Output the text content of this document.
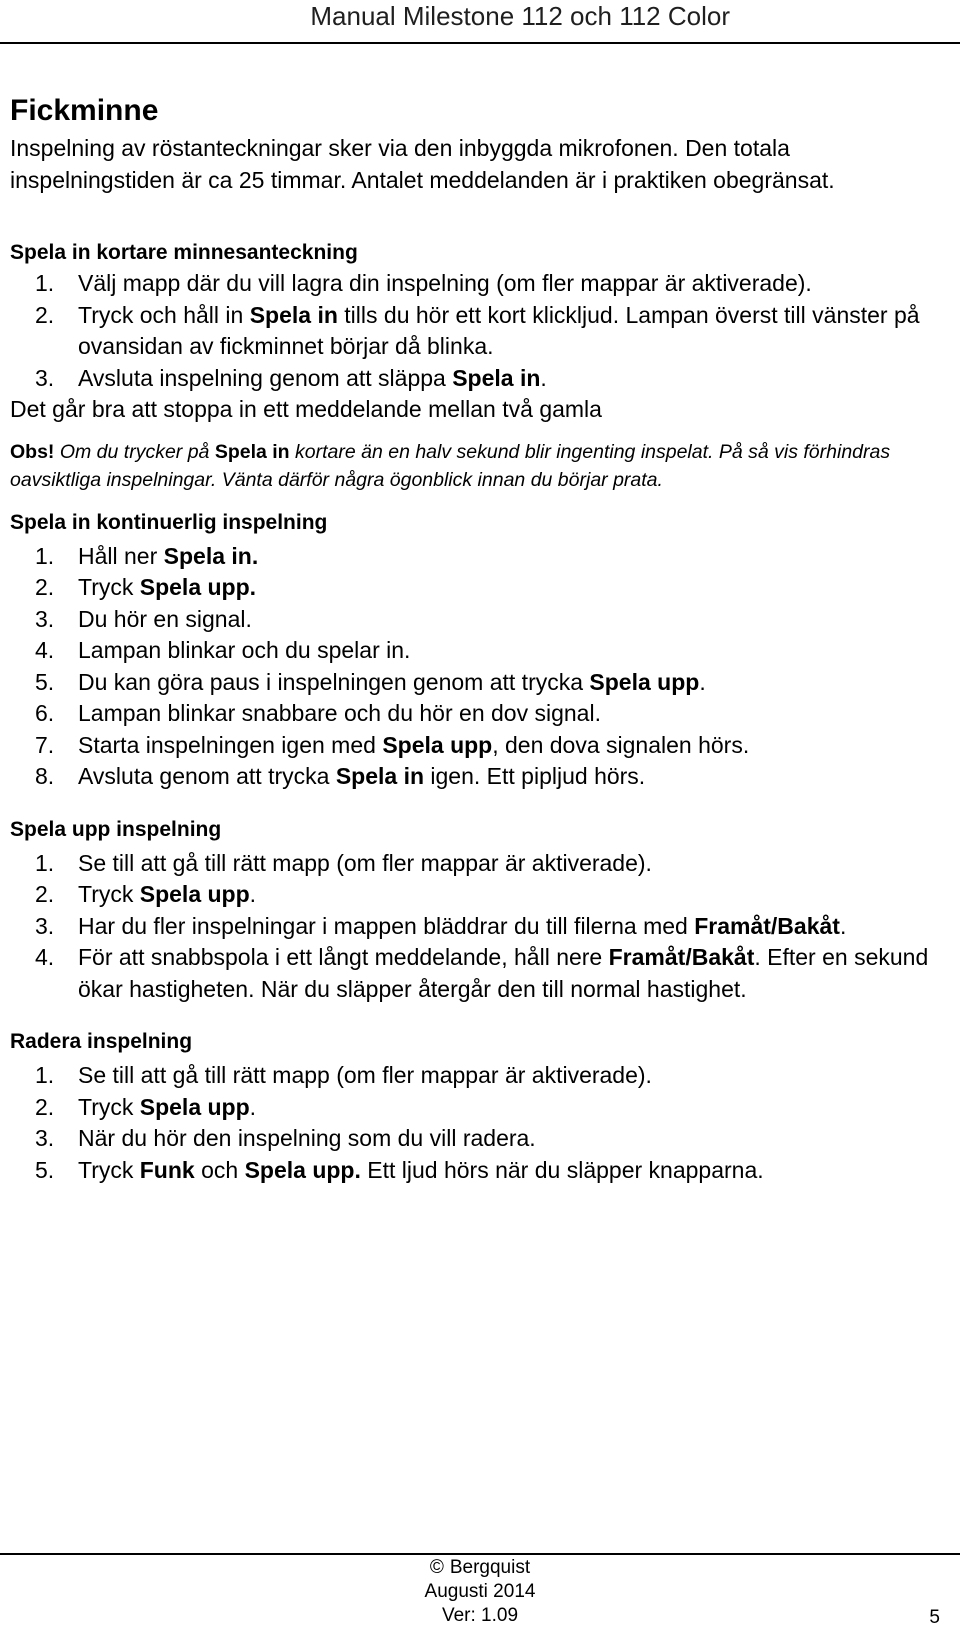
Manual Milestone 112 och 112 Color
Fickminne

Inspelning av röstanteckningar sker via den inbyggda mikrofonen. Den totala inspelningstiden är ca 25 timmar. Antalet meddelanden är i praktiken obegränsat.

Spela in kortare minnesanteckning
1.	Välj mapp där du vill lagra din inspelning (om fler mappar är aktiverade).
2.	Tryck och håll in Spela in tills du hör ett kort klickljud. Lampan överst till vänster på ovansidan av fickminnet börjar då blinka.
3.	Avsluta inspelning genom att släppa Spela in.

Det går bra att stoppa in ett meddelande mellan två gamla

Obs! Om du trycker på Spela in kortare än en halv sekund blir ingenting inspelat. På så vis förhindras oavsiktliga inspelningar. Vänta därför några ögonblick innan du börjar prata.

Spela in kontinuerlig inspelning
1.	Håll ner Spela in.
2.	Tryck Spela upp.
3.	Du hör en signal.
4.	Lampan blinkar och du spelar in.
5.	Du kan göra paus i inspelningen genom att trycka Spela upp.
6.	Lampan blinkar snabbare och du hör en dov signal.
7.	Starta inspelningen igen med Spela upp, den dova signalen hörs.
8.	Avsluta genom att trycka Spela in igen. Ett pipljud hörs.
Spela upp inspelning
1.	Se till att gå till rätt mapp (om fler mappar är aktiverade).
2.	Tryck Spela upp.
3.	Har du fler inspelningar i mappen bläddrar du till filerna med Framåt/Bakåt.
4.	För att snabbspola i ett långt meddelande, håll nere Framåt/Bakåt. Efter en sekund ökar hastigheten. När du släpper återgår den till normal hastighet.
Radera inspelning
1.	Se till att gå till rätt mapp (om fler mappar är aktiverade).
2.	Tryck Spela upp.
3.	När du hör den inspelning som du vill radera.
5.	Tryck Funk och Spela upp. Ett ljud hörs när du släpper knapparna.
© Bergquist
Augusti 2014
Ver: 1.09	5
